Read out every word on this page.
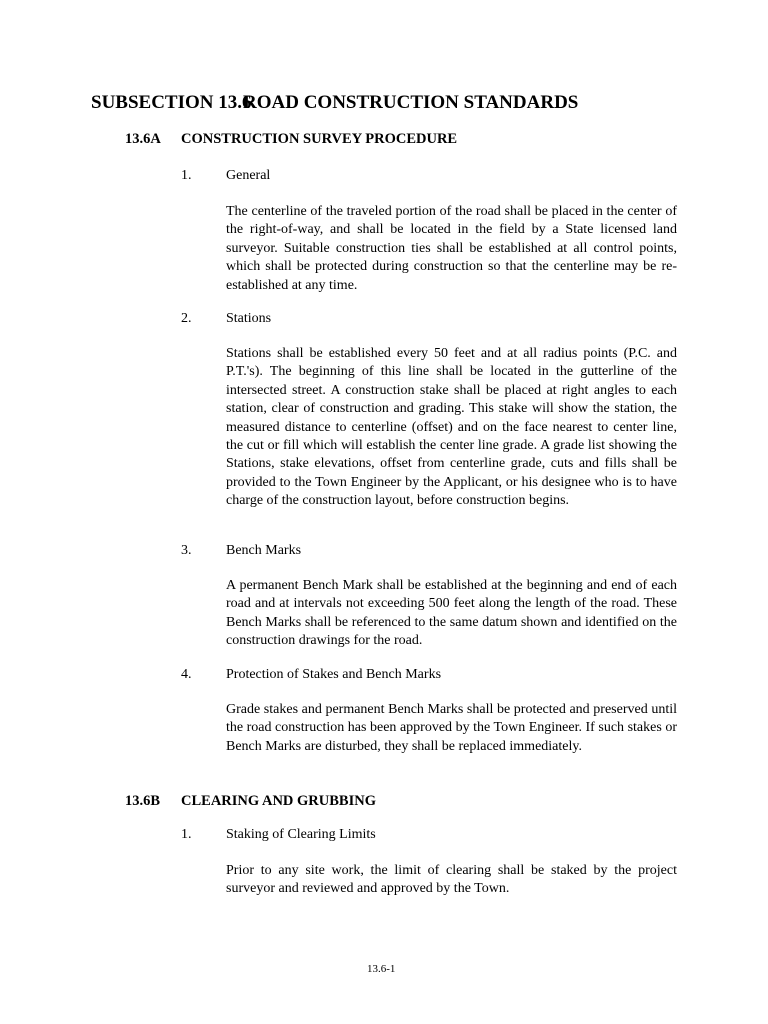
SUBSECTION 13.6
ROAD CONSTRUCTION STANDARDS
13.6A CONSTRUCTION SURVEY PROCEDURE
1. General

The centerline of the traveled portion of the road shall be placed in the center of the right-of-way, and shall be located in the field by a State licensed land surveyor. Suitable construction ties shall be established at all control points, which shall be protected during construction so that the centerline may be re-established at any time.

2. Stations

Stations shall be established every 50 feet and at all radius points (P.C. and P.T.'s). The beginning of this line shall be located in the gutterline of the intersected street. A construction stake shall be placed at right angles to each station, clear of construction and grading. This stake will show the station, the measured distance to centerline (offset) and on the face nearest to center line, the cut or fill which will establish the center line grade. A grade list showing the Stations, stake elevations, offset from centerline grade, cuts and fills shall be provided to the Town Engineer by the Applicant, or his designee who is to have charge of the construction layout, before construction begins.

3. Bench Marks

A permanent Bench Mark shall be established at the beginning and end of each road and at intervals not exceeding 500 feet along the length of the road. These Bench Marks shall be referenced to the same datum shown and identified on the construction drawings for the road.

4. Protection of Stakes and Bench Marks

Grade stakes and permanent Bench Marks shall be protected and preserved until the road construction has been approved by the Town Engineer. If such stakes or Bench Marks are disturbed, they shall be replaced immediately.

13.6B CLEARING AND GRUBBING
1. Staking of Clearing Limits

Prior to any site work, the limit of clearing shall be staked by the project surveyor and reviewed and approved by the Town.

13.6-1
